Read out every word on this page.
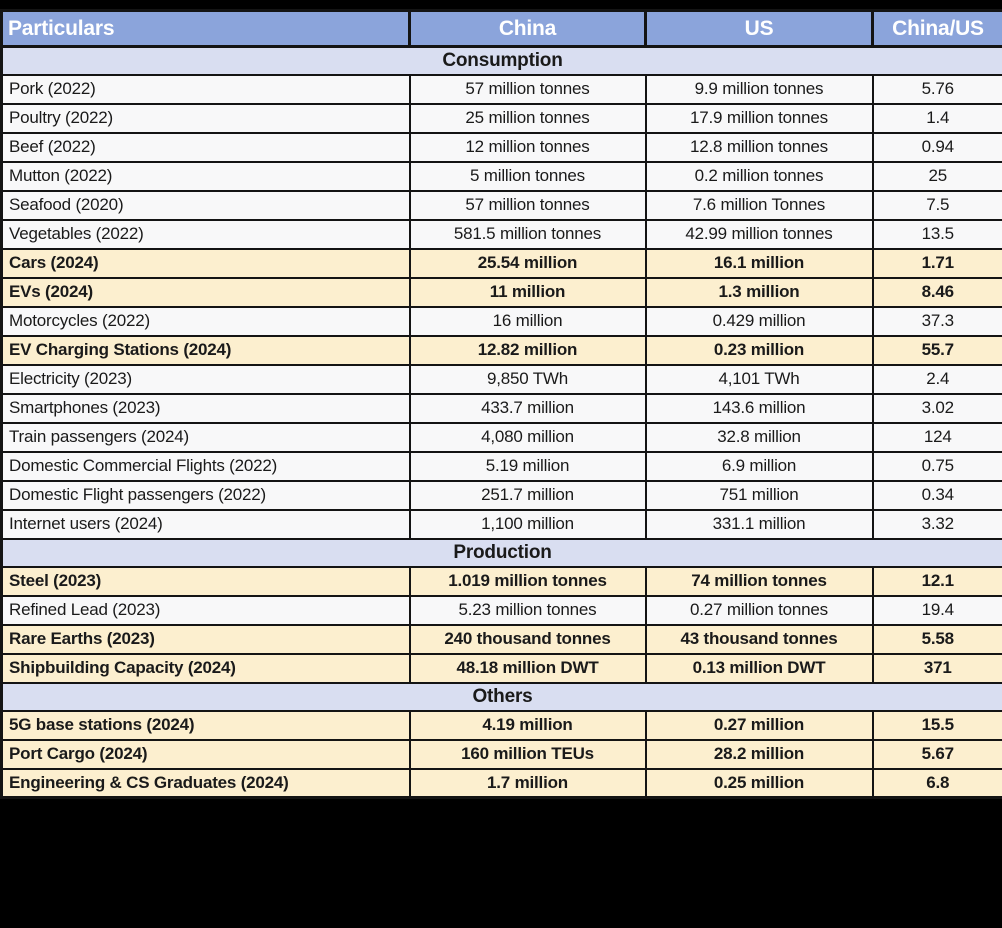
Particulars	China	US	China/US
Consumption			
Pork (2022)	57 million tonnes	9.9 million tonnes	5.76
Poultry (2022)	25 million tonnes	17.9 million tonnes	1.4
Beef (2022)	12 million tonnes	12.8 million tonnes	0.94
Mutton (2022)	5 million tonnes	0.2 million tonnes	25
Seafood (2020)	57 million tonnes	7.6 million Tonnes	7.5
Vegetables (2022)	581.5 million tonnes	42.99 million tonnes	13.5
Cars (2024)	25.54 million	16.1 million	1.71
EVs (2024)	11 million	1.3 million	8.46
Motorcycles (2022)	16 million	0.429 million	37.3
EV Charging Stations (2024)	12.82 million	0.23 million	55.7
Electricity (2023)	9,850 TWh	4,101 TWh	2.4
Smartphones (2023)	433.7 million	143.6 million	3.02
Train passengers (2024)	4,080 million	32.8 million	124
Domestic Commercial Flights (2022)	5.19 million	6.9 million	0.75
Domestic Flight passengers (2022)	251.7 million	751 million	0.34
Internet users (2024)	1,100 million	331.1 million	3.32
Production			
Steel (2023)	1.019 million tonnes	74 million tonnes	12.1
Refined Lead (2023)	5.23 million tonnes	0.27 million tonnes	19.4
Rare Earths (2023)	240 thousand tonnes	43 thousand tonnes	5.58
Shipbuilding Capacity (2024)	48.18 million DWT	0.13 million DWT	371
Others			
5G base stations (2024)	4.19 million	0.27 million	15.5
Port Cargo (2024)	160 million TEUs	28.2 million	5.67
Engineering & CS Graduates (2024)	1.7 million	0.25 million	6.8
